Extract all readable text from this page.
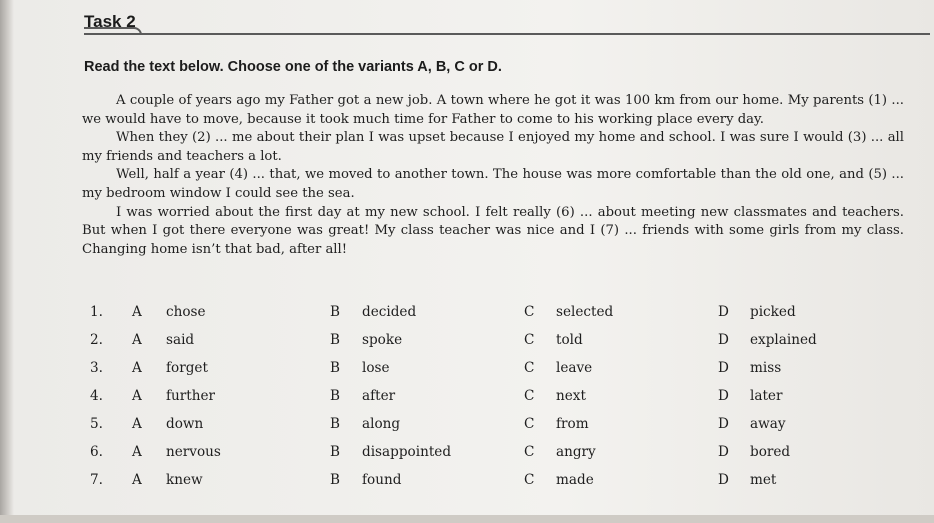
Task 2
Read the text below. Choose one of the variants A, B, C or D.

A couple of years ago my Father got a new job. A town where he got it was 100 km from our home. My parents (1) ... we would have to move, because it took much time for Father to come to his working place every day.

When they (2) ... me about their plan I was upset because I enjoyed my home and school. I was sure I would (3) ... all my friends and teachers a lot.

Well, half a year (4) ... that, we moved to another town. The house was more comfortable than the old one, and (5) ... my bedroom window I could see the sea.

I was worried about the first day at my new school. I felt really (6) ... about meeting new classmates and teachers. But when I got there everyone was great! My class teacher was nice and I (7) ... friends with some girls from my class. Changing home isn’t that bad, after all!

1. A chose	B decided	C selected	D picked
2. A said	B spoke	C told	D explained
3. A forget	B lose	C leave	D miss
4. A further	B after	C next	D later
5. A down	B along	C from	D away
6. A nervous	B disappointed	C angry	D bored
7. A knew	B found	C made	D met
